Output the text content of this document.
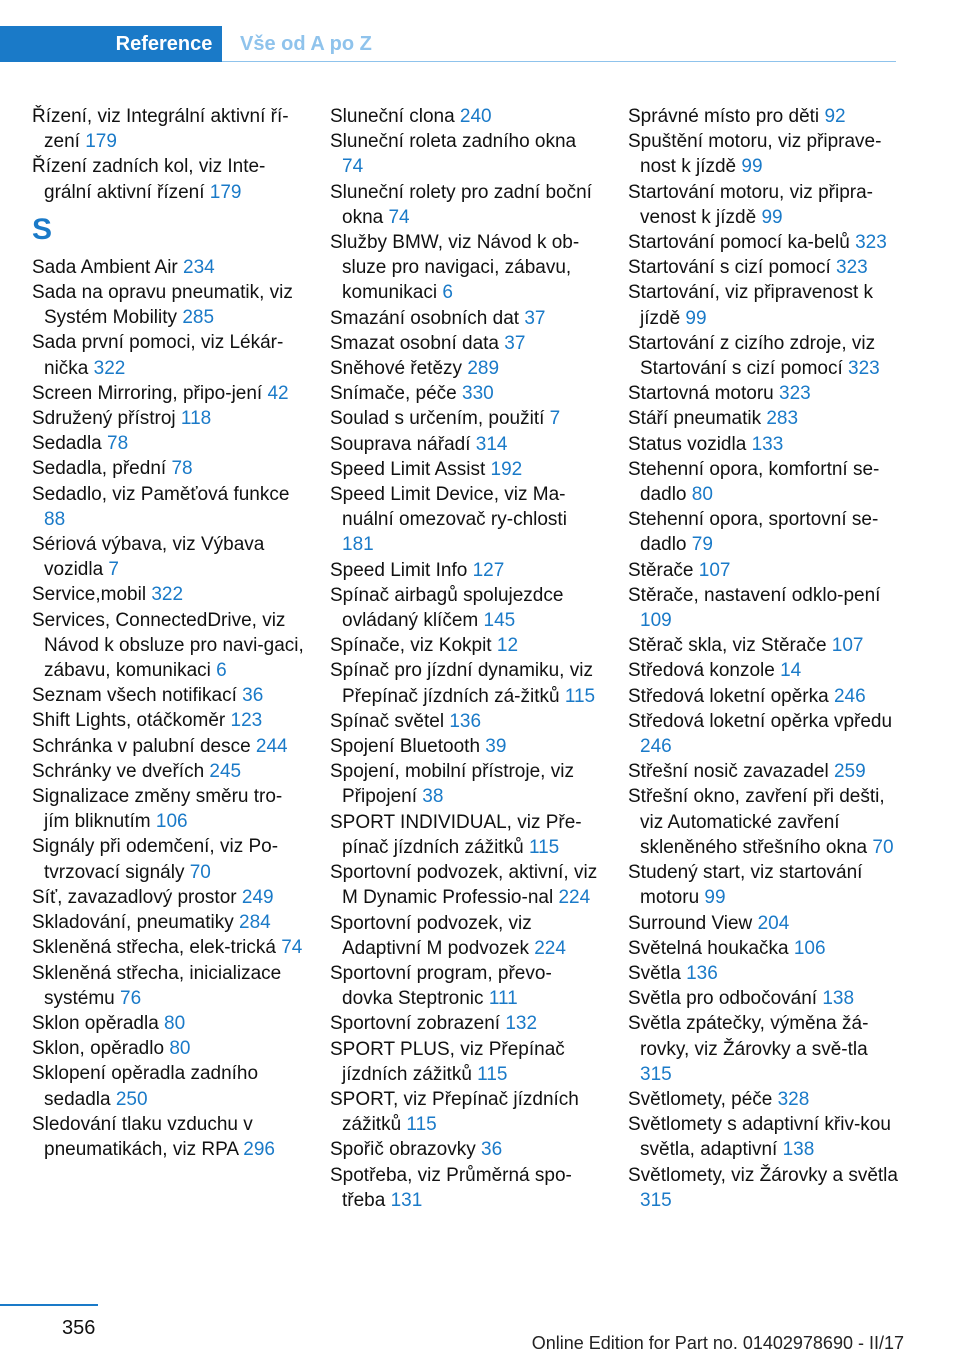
Reference	Vše od A po Z
Řízení, viz Integrální aktivní ří‐zení 179
Řízení zadních kol, viz Inte‐grální aktivní řízení 179
S
Sada Ambient Air 234
Sada na opravu pneumatik, viz Systém Mobility 285
Sada první pomoci, viz Lékár‐nička 322
Screen Mirroring, připo‐jení 42
Sdružený přístroj 118
Sedadla 78
Sedadla, přední 78
Sedadlo, viz Paměťová funkce 88
Sériová výbava, viz Výbava vozidla 7
Service,mobil 322
Services, ConnectedDrive, viz Návod k obsluze pro navi‐gaci, zábavu, komunikaci 6
Seznam všech notifikací 36
Shift Lights, otáčkoměr 123
Schránka v palubní desce 244
Schránky ve dveřích 245
Signalizace změny směru tro‐jím bliknutím 106
Signály při odemčení, viz Po‐tvrzovací signály 70
Síť, zavazadlový prostor 249
Skladování, pneumatiky 284
Skleněná střecha, elek‐trická 74
Skleněná střecha, inicializace systému 76
Sklon opěradla 80
Sklon, opěradlo 80
Sklopení opěradla zadního sedadla 250
Sledování tlaku vzduchu v pneumatikách, viz RPA 296
Sluneční clona 240
Sluneční roleta zadního okna 74
Sluneční rolety pro zadní boční okna 74
Služby BMW, viz Návod k ob‐sluze pro navigaci, zábavu, komunikaci 6
Smazání osobních dat 37
Smazat osobní data 37
Sněhové řetězy 289
Snímače, péče 330
Soulad s určením, použití 7
Souprava nářadí 314
Speed Limit Assist 192
Speed Limit Device, viz Ma‐nuální omezovač ry‐chlosti 181
Speed Limit Info 127
Spínač airbagů spolujezdce ovládaný klíčem 145
Spínače, viz Kokpit 12
Spínač pro jízdní dynamiku, viz Přepínač jízdních zá‐žitků 115
Spínač světel 136
Spojení Bluetooth 39
Spojení, mobilní přístroje, viz Připojení 38
SPORT INDIVIDUAL, viz Pře‐pínač jízdních zážitků 115
Sportovní podvozek, aktivní, viz M Dynamic Professio‐nal 224
Sportovní podvozek, viz Adaptivní M podvozek 224
Sportovní program, převo‐dovka Steptronic 111
Sportovní zobrazení 132
SPORT PLUS, viz Přepínač jízdních zážitků 115
SPORT, viz Přepínač jízdních zážitků 115
Spořič obrazovky 36
Spotřeba, viz Průměrná spo‐třeba 131
Správné místo pro děti 92
Spuštění motoru, viz připrave‐nost k jízdě 99
Startování motoru, viz připra‐venost k jízdě 99
Startování pomocí ka‐belů 323
Startování s cizí pomocí 323
Startování, viz připravenost k jízdě 99
Startování z cizího zdroje, viz Startování s cizí pomocí 323
Startovná motoru 323
Stáří pneumatik 283
Status vozidla 133
Stehenní opora, komfortní se‐dadlo 80
Stehenní opora, sportovní se‐dadlo 79
Stěrače 107
Stěrače, nastavení odklo‐pení 109
Stěrač skla, viz Stěrače 107
Středová konzole 14
Středová loketní opěrka 246
Středová loketní opěrka vpředu 246
Střešní nosič zavazadel 259
Střešní okno, zavření při dešti, viz Automatické zavření skleněného střešního okna 70
Studený start, viz startování motoru 99
Surround View 204
Světelná houkačka 106
Světla 136
Světla pro odbočování 138
Světla zpátečky, výměna žá‐rovky, viz Žárovky a svě‐tla 315
Světlomety, péče 328
Světlomety s adaptivní křiv‐kou světla, adaptivní 138
Světlomety, viz Žárovky a světla 315
356
Online Edition for Part no. 01402978690 - II/17
